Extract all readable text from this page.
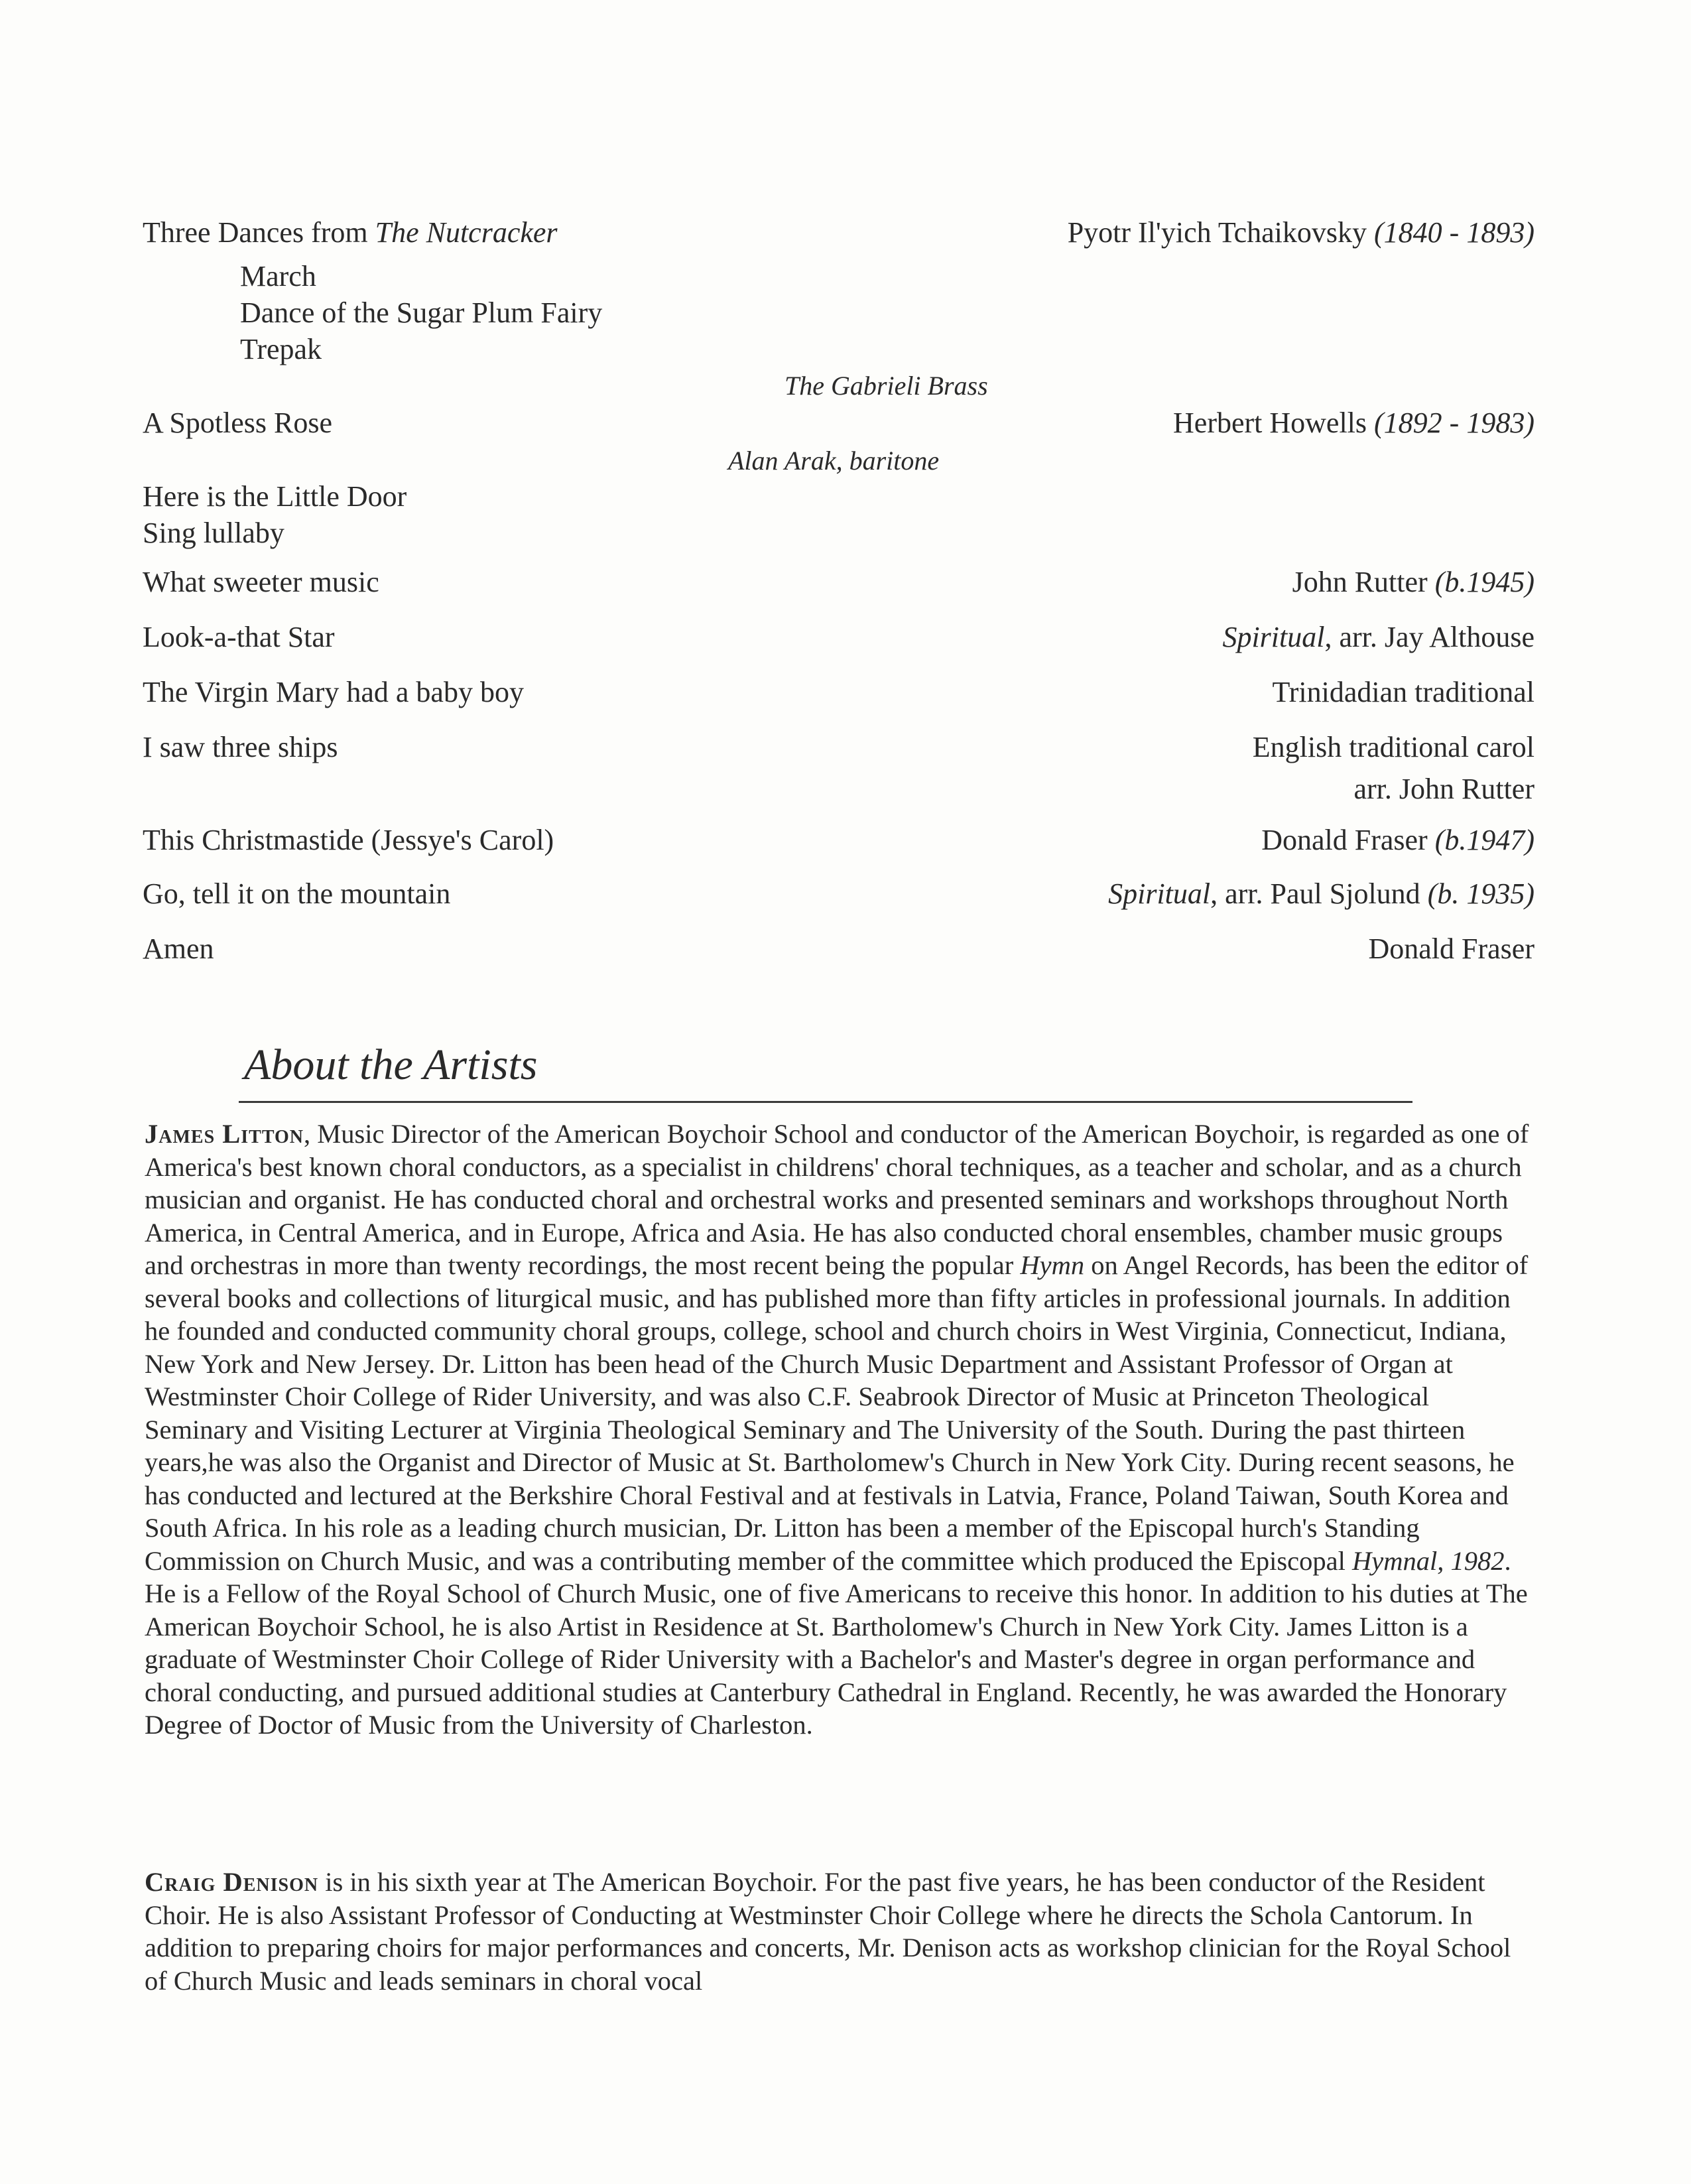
Three Dances from The Nutcracker
March
Dance of the Sugar Plum Fairy
Trepak
A Spotless Rose
Here is the Little Door
Sing lullaby
What sweeter music
Look-a-that Star
The Virgin Mary had a baby boy
I saw three ships
This Christmastide (Jessye's Carol)
Go, tell it on the mountain
Amen
The Gabrieli Brass
Alan Arak, baritone
Pyotr Il'yich Tchaikovsky (1840 - 1893)
Herbert Howells (1892 - 1983)
John Rutter (b.1945)
Spiritual, arr. Jay Althouse
Trinidadian traditional
English traditional carol
arr. John Rutter
Donald Fraser (b.1947)
Spiritual, arr. Paul Sjolund (b. 1935)
Donald Fraser
About the Artists

James Litton, Music Director of the American Boychoir School and conductor of the American Boychoir, is regarded as one of America's best known choral conductors, as a specialist in childrens' choral techniques, as a teacher and scholar, and as a church musician and organist. He has conducted choral and orchestral works and presented seminars and workshops throughout North America, in Central America, and in Europe, Africa and Asia. He has also conducted choral ensembles, chamber music groups and orchestras in more than twenty recordings, the most recent being the popular Hymn on Angel Records, has been the editor of several books and collections of liturgical music, and has published more than fifty articles in professional journals. In addition he founded and conducted community choral groups, college, school and church choirs in West Virginia, Connecticut, Indiana, New York and New Jersey. Dr. Litton has been head of the Church Music Department and Assistant Professor of Organ at Westminster Choir College of Rider University, and was also C.F. Seabrook Director of Music at Princeton Theological Seminary and Visiting Lecturer at Virginia Theological Seminary and The University of the South. During the past thirteen years,he was also the Organist and Director of Music at St. Bartholomew's Church in New York City. During recent seasons, he has conducted and lectured at the Berkshire Choral Festival and at festivals in Latvia, France, Poland Taiwan, South Korea and South Africa. In his role as a leading church musician, Dr. Litton has been a member of the Episcopal hurch's Standing Commission on Church Music, and was a contributing member of the committee which produced the Episcopal Hymnal, 1982. He is a Fellow of the Royal School of Church Music, one of five Americans to receive this honor. In addition to his duties at The American Boychoir School, he is also Artist in Residence at St. Bartholomew's Church in New York City. James Litton is a graduate of Westminster Choir College of Rider University with a Bachelor's and Master's degree in organ performance and choral conducting, and pursued additional studies at Canterbury Cathedral in England. Recently, he was awarded the Honorary Degree of Doctor of Music from the University of Charleston.

Craig Denison is in his sixth year at The American Boychoir. For the past five years, he has been conductor of the Resident Choir. He is also Assistant Professor of Conducting at Westminster Choir College where he directs the Schola Cantorum. In addition to preparing choirs for major performances and concerts, Mr. Denison acts as workshop clinician for the Royal School of Church Music and leads seminars in choral vocal
